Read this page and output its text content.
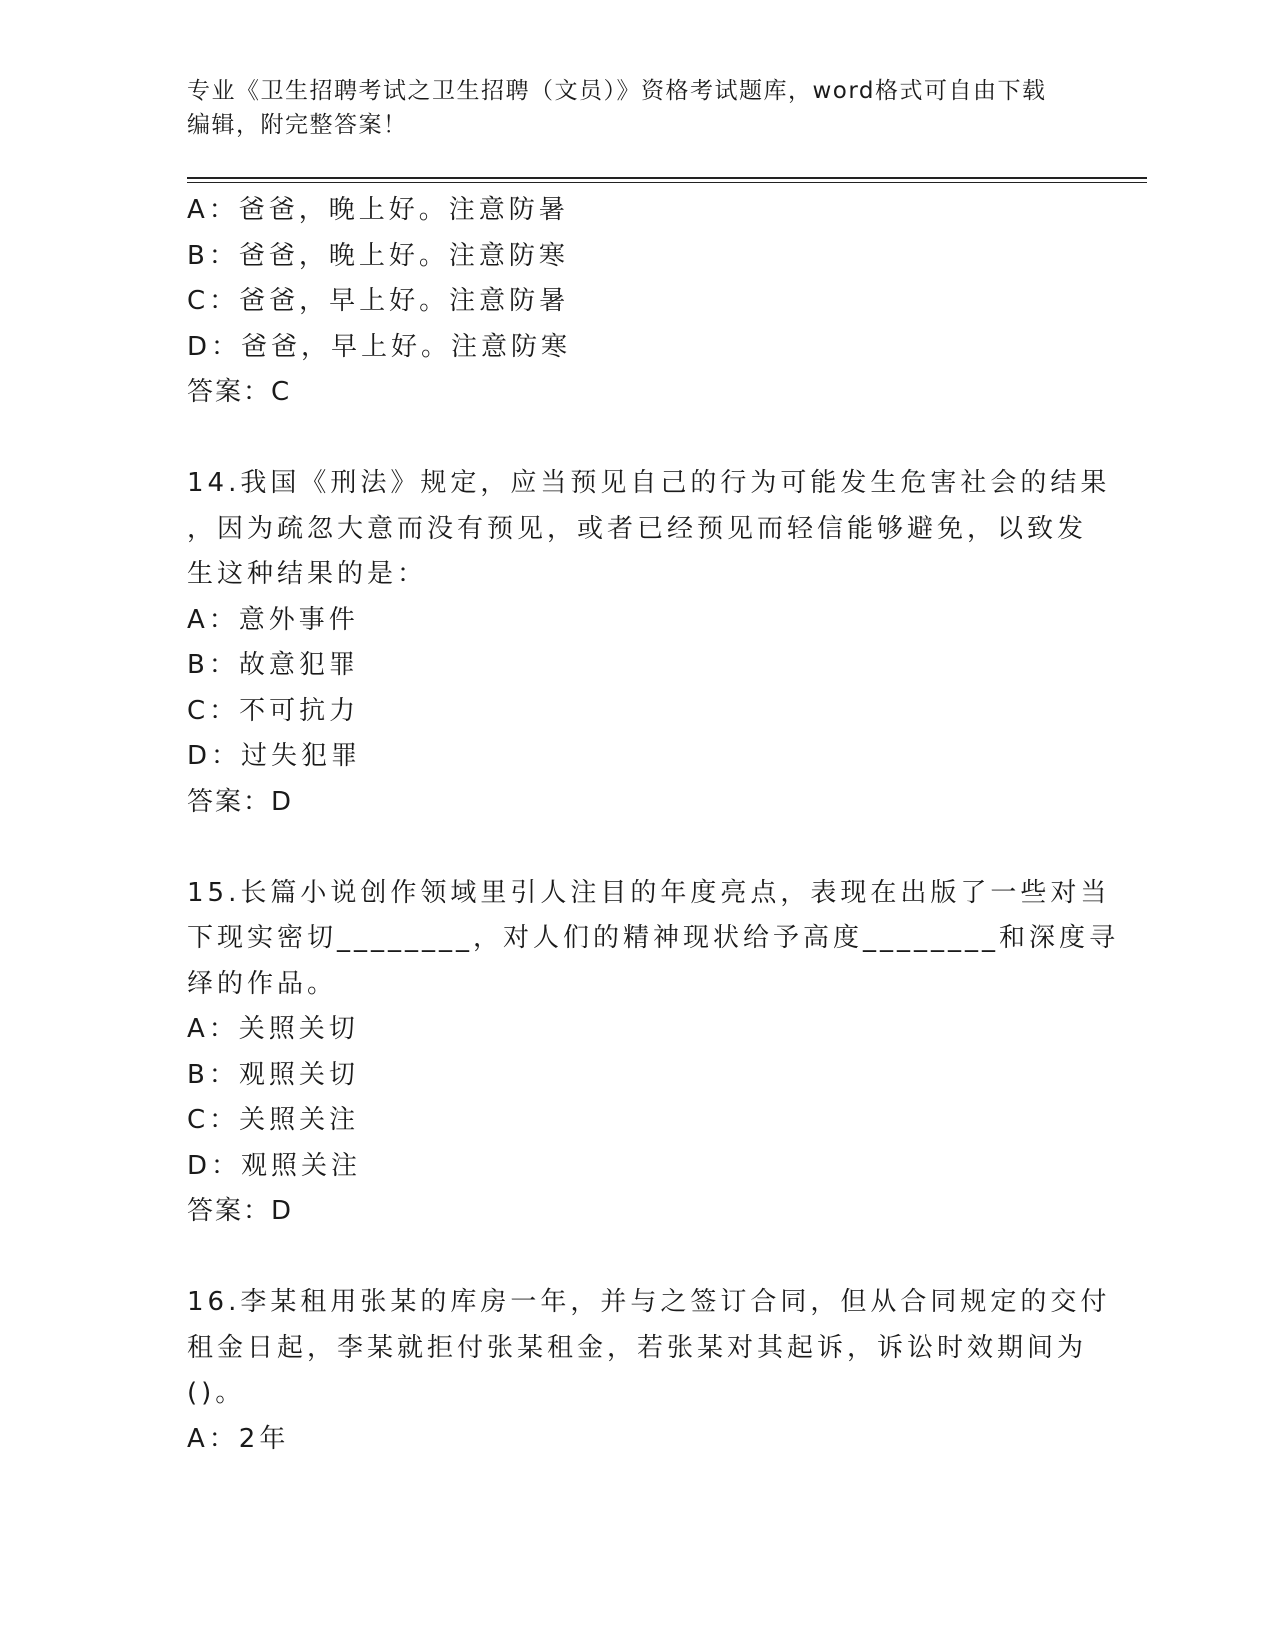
专业《卫生招聘考试之卫生招聘（文员）》资格考试题库，word格式可自由下载
编辑，附完整答案！
A：爸爸，晚上好。注意防暑
B：爸爸，晚上好。注意防寒
C：爸爸，早上好。注意防暑
D：爸爸，早上好。注意防寒
答案：C
14.我国《刑法》规定，应当预见自己的行为可能发生危害社会的结果
，因为疏忽大意而没有预见，或者已经预见而轻信能够避免，以致发
生这种结果的是：
A：意外事件
B：故意犯罪
C：不可抗力
D：过失犯罪
答案：D
15.长篇小说创作领域里引人注目的年度亮点，表现在出版了一些对当
下现实密切________，对人们的精神现状给予高度________和深度寻
绎的作品。
A：关照关切
B：观照关切
C：关照关注
D：观照关注
答案：D
16.李某租用张某的库房一年，并与之签订合同，但从合同规定的交付
租金日起，李某就拒付张某租金，若张某对其起诉，诉讼时效期间为
()。
A：2年
